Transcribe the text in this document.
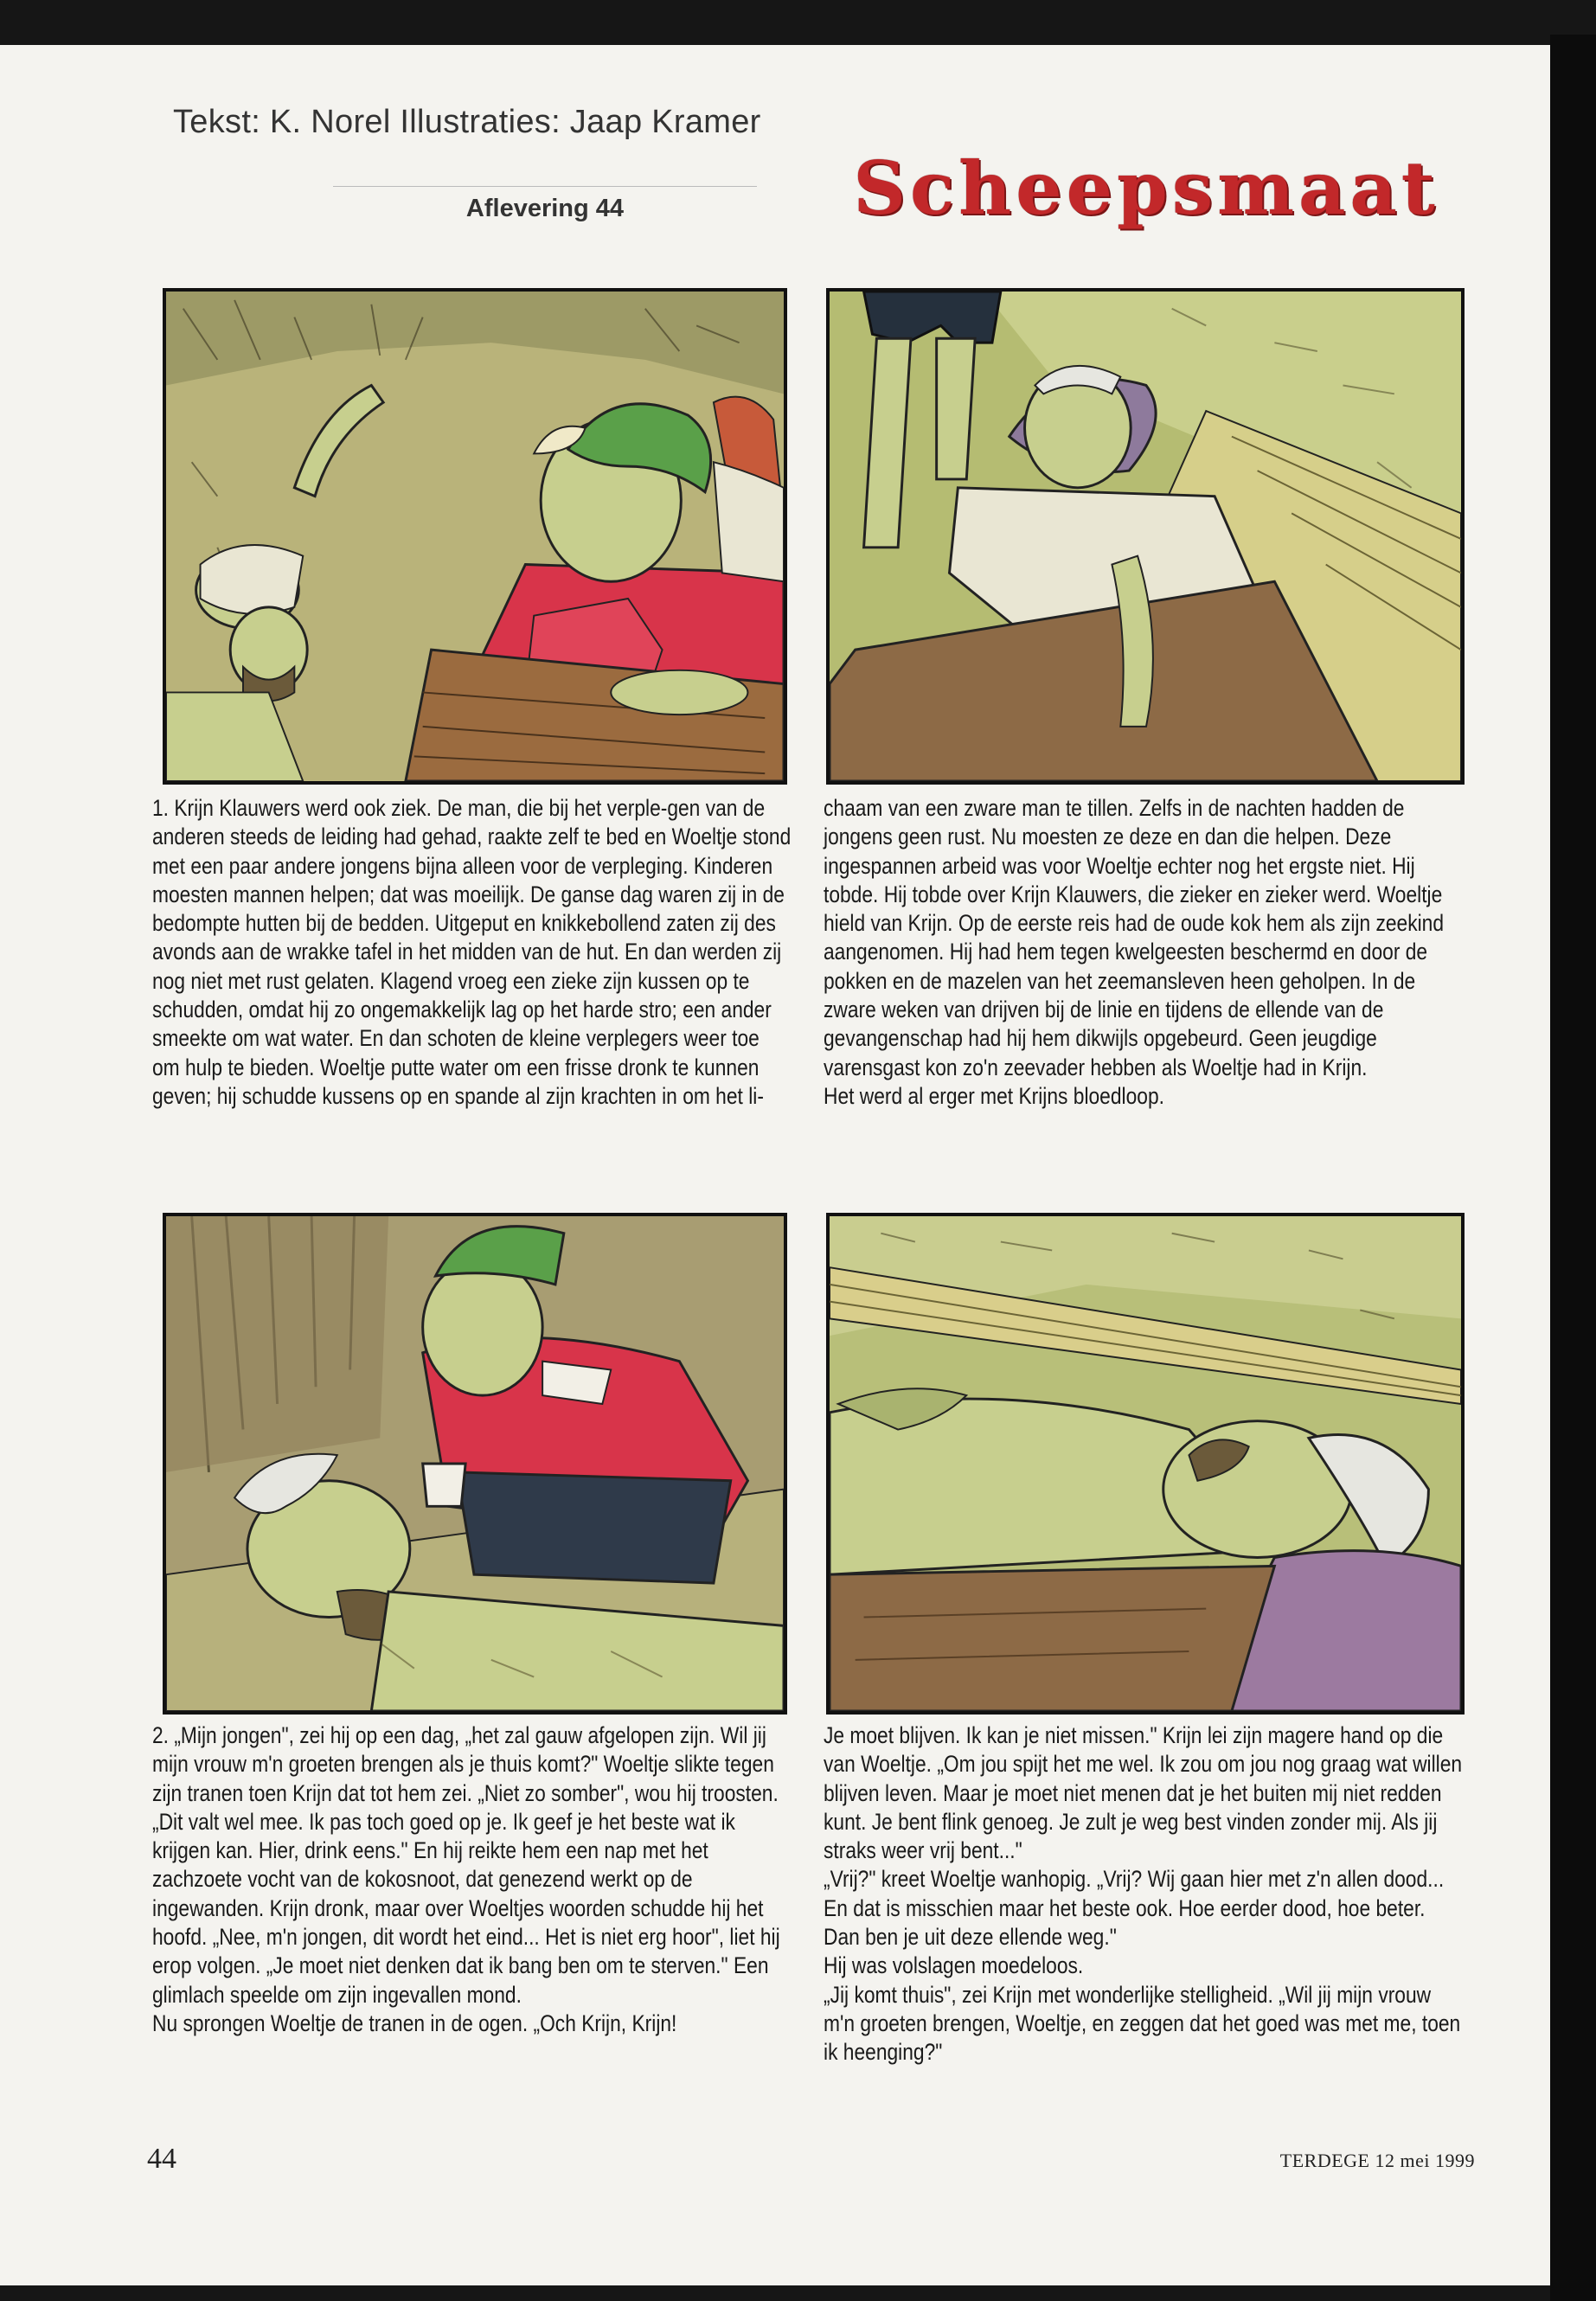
Tekst: K. Norel Illustraties: Jaap Kramer
Aflevering 44	Scheepsmaat

1. Krijn Klauwers werd ook ziek. De man, die bij het verple-gen van de anderen steeds de leiding had gehad, raakte zelf te bed en Woeltje stond met een paar andere jongens bijna alleen voor de verpleging. Kinderen moesten mannen helpen; dat was moeilijk. De ganse dag waren zij in de bedompte hutten bij de bedden. Uitgeput en knikkebollend zaten zij des avonds aan de wrakke tafel in het midden van de hut. En dan werden zij nog niet met rust gelaten. Klagend vroeg een zieke zijn kussen op te schudden, omdat hij zo ongemakkelijk lag op het harde stro; een ander smeekte om wat water. En dan schoten de kleine verplegers weer toe om hulp te bieden. Woeltje putte water om een frisse dronk te kunnen geven; hij schudde kussens op en spande al zijn krachten in om het li-

chaam van een zware man te tillen. Zelfs in de nachten hadden de jongens geen rust. Nu moesten ze deze en dan die helpen. Deze ingespannen arbeid was voor Woeltje echter nog het ergste niet. Hij tobde. Hij tobde over Krijn Klauwers, die zieker en zieker werd. Woeltje hield van Krijn. Op de eerste reis had de oude kok hem als zijn zeekind aangenomen. Hij had hem tegen kwelgeesten beschermd en door de pokken en de mazelen van het zeemansleven heen geholpen. In de zware weken van drijven bij de linie en tijdens de ellende van de gevangenschap had hij hem dikwijls opgebeurd. Geen jeugdige varensgast kon zo'n zeevader hebben als Woeltje had in Krijn.

Het werd al erger met Krijns bloedloop.

2. „Mijn jongen", zei hij op een dag, „het zal gauw afgelopen zijn. Wil jij mijn vrouw m'n groeten brengen als je thuis komt?" Woeltje slikte tegen zijn tranen toen Krijn dat tot hem zei. „Niet zo somber", wou hij troosten. „Dit valt wel mee. Ik pas toch goed op je. Ik geef je het beste wat ik krijgen kan. Hier, drink eens." En hij reikte hem een nap met het zachzoete vocht van de kokosnoot, dat genezend werkt op de ingewanden. Krijn dronk, maar over Woeltjes woorden schudde hij het hoofd. „Nee, m'n jongen, dit wordt het eind... Het is niet erg hoor", liet hij erop volgen. „Je moet niet denken dat ik bang ben om te sterven." Een glimlach speelde om zijn ingevallen mond.

Nu sprongen Woeltje de tranen in de ogen. „Och Krijn, Krijn!

Je moet blijven. Ik kan je niet missen." Krijn lei zijn magere hand op die van Woeltje. „Om jou spijt het me wel. Ik zou om jou nog graag wat willen blijven leven. Maar je moet niet menen dat je het buiten mij niet redden kunt. Je bent flink genoeg. Je zult je weg best vinden zonder mij. Als jij straks weer vrij bent..."

„Vrij?" kreet Woeltje wanhopig. „Vrij? Wij gaan hier met z'n allen dood... En dat is misschien maar het beste ook. Hoe eerder dood, hoe beter. Dan ben je uit deze ellende weg."

Hij was volslagen moedeloos.

„Jij komt thuis", zei Krijn met wonderlijke stelligheid. „Wil jij mijn vrouw m'n groeten brengen, Woeltje, en zeggen dat het goed was met me, toen ik heenging?"

44	TERDEGE 12 mei 1999
